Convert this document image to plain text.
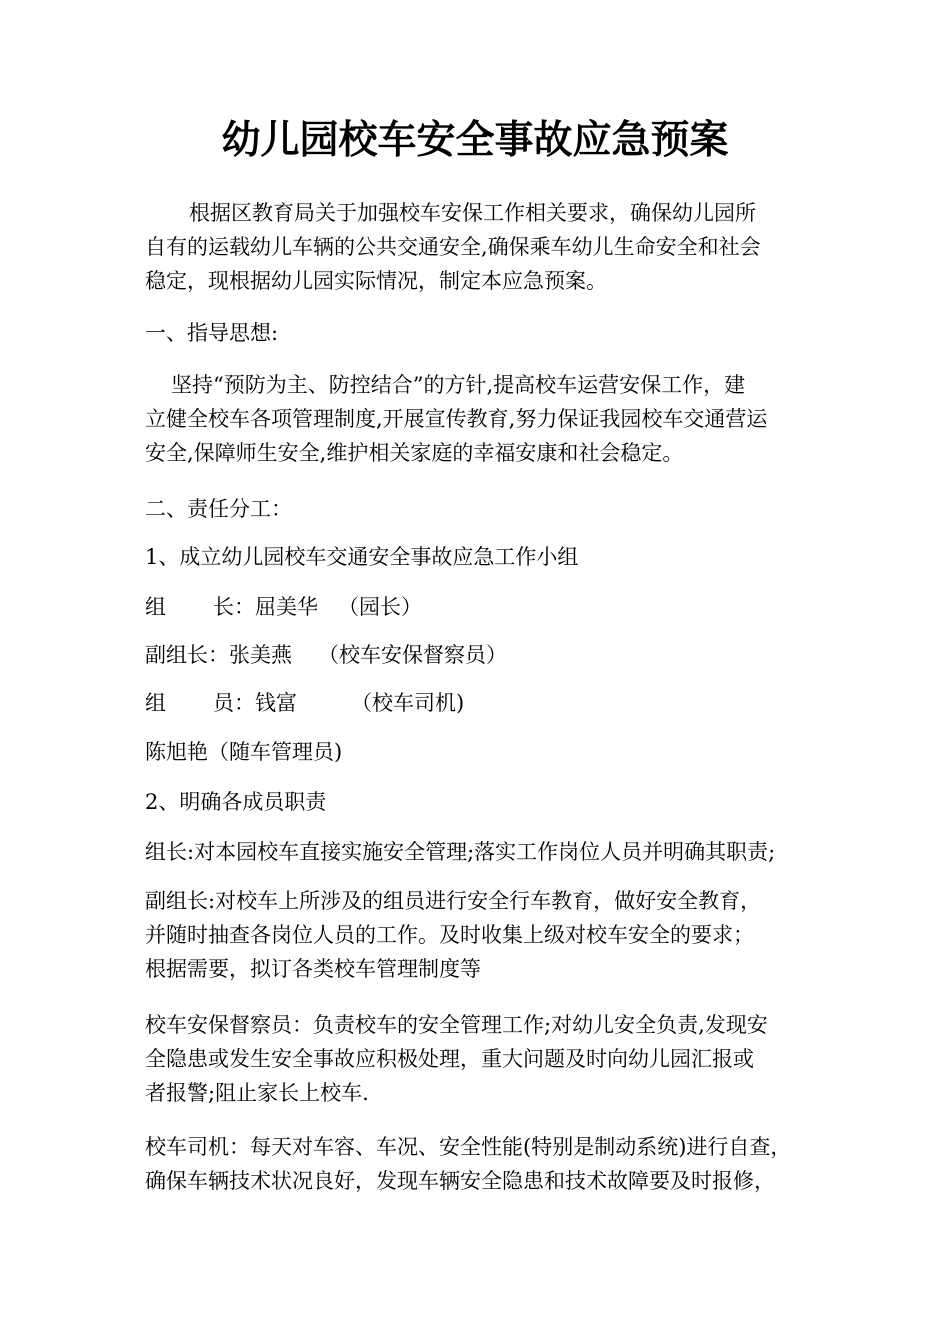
幼儿园校车安全事故应急预案

根据区教育局关于加强校车安保工作相关要求，确保幼儿园所
自有的运载幼儿车辆的公共交通安全,确保乘车幼儿生命安全和社会
稳定，现根据幼儿园实际情况，制定本应急预案。

一、指导思想:

坚持“预防为主、防控结合”的方针,提高校车运营安保工作，建
立健全校车各项管理制度,开展宣传教育,努力保证我园校车交通营运
安全,保障师生安全,维护相关家庭的幸福安康和社会稳定。

二、责任分工：

1、成立幼儿园校车交通安全事故应急工作小组

组 长：屈美华 （园长）

副组长：张美燕 （校车安保督察员）

组 员：钱富	（校车司机)

陈旭艳（随车管理员)

2、明确各成员职责

组长:对本园校车直接实施安全管理;落实工作岗位人员并明确其职责;

副组长:对校车上所涉及的组员进行安全行车教育，做好安全教育，
并随时抽查各岗位人员的工作。及时收集上级对校车安全的要求；
根据需要，拟订各类校车管理制度等

校车安保督察员：负责校车的安全管理工作;对幼儿安全负责,发现安
全隐患或发生安全事故应积极处理，重大问题及时向幼儿园汇报或
者报警;阻止家长上校车.

校车司机：每天对车容、车况、安全性能(特别是制动系统)进行自查，
确保车辆技术状况良好，发现车辆安全隐患和技术故障要及时报修，
